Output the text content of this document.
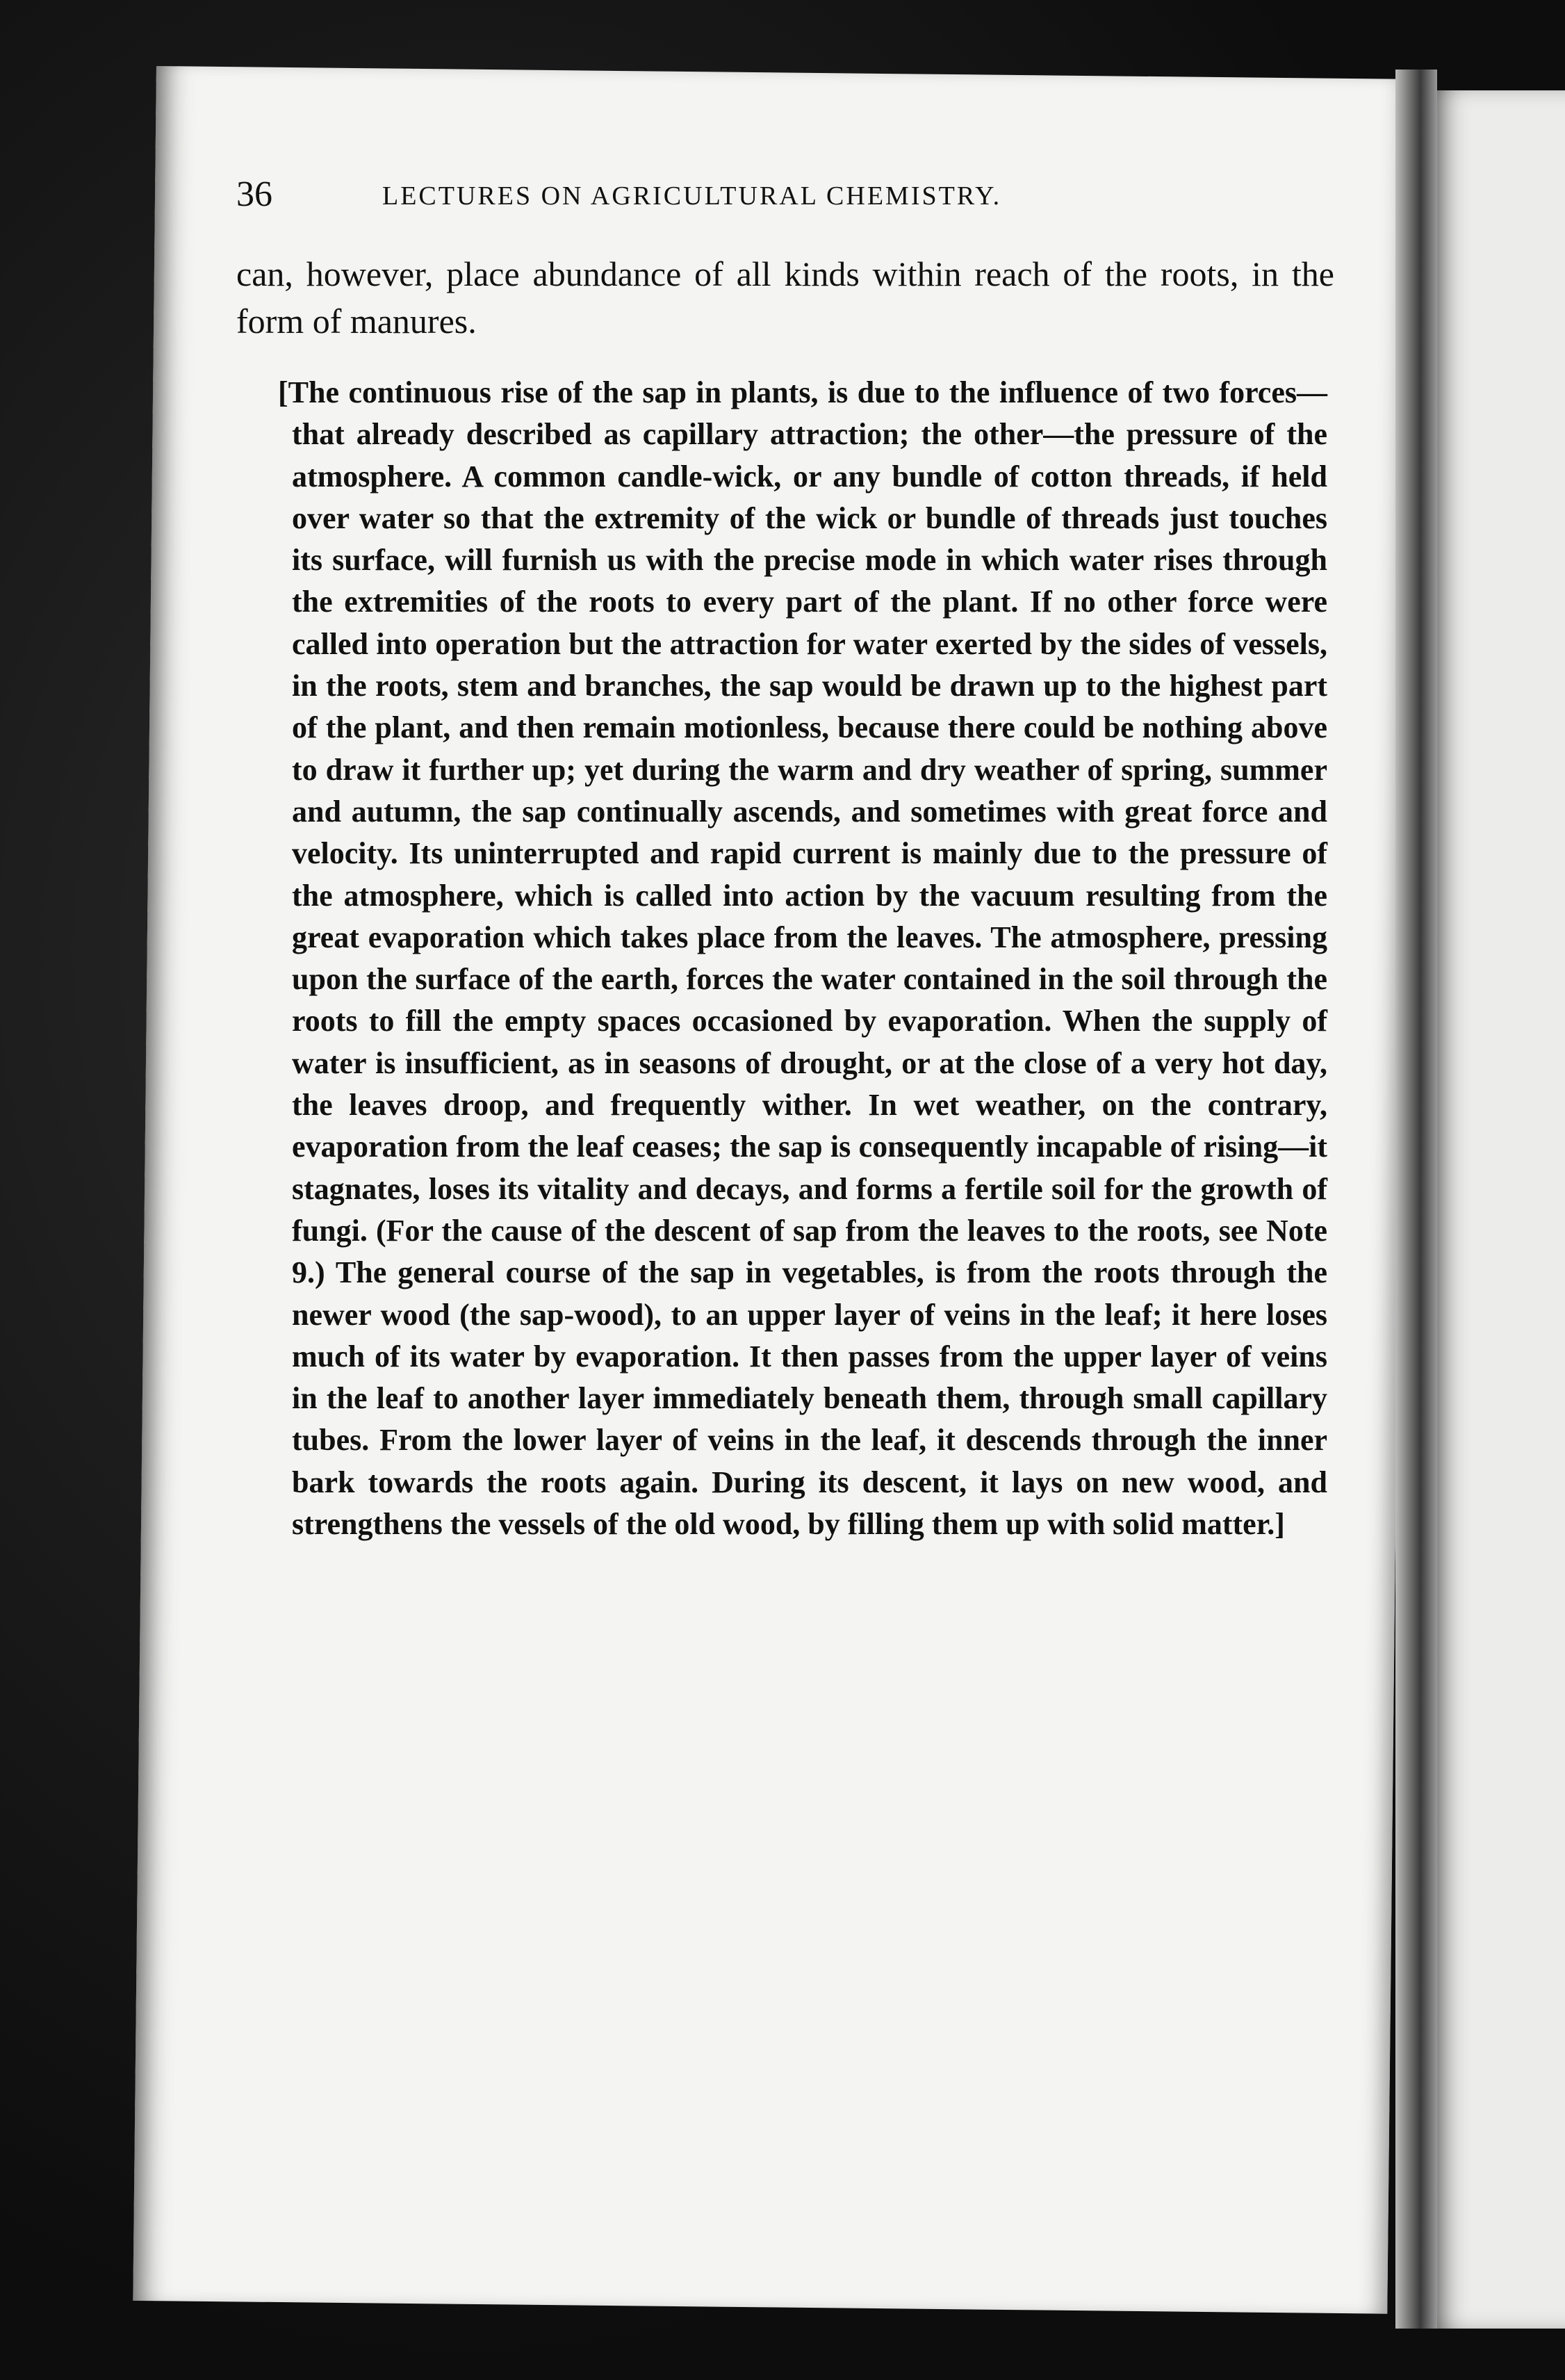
36	LECTURES ON AGRICULTURAL CHEMISTRY.

can, however, place abundance of all kinds within reach of the roots, in the form of manures.

[The continuous rise of the sap in plants, is due to the influence of two forces—that already described as capillary attraction; the other—the pressure of the atmosphere. A common candle-wick, or any bundle of cotton threads, if held over water so that the extremity of the wick or bundle of threads just touches its surface, will furnish us with the precise mode in which water rises through the extremities of the roots to every part of the plant. If no other force were called into operation but the attraction for water exerted by the sides of vessels, in the roots, stem and branches, the sap would be drawn up to the highest part of the plant, and then remain motionless, because there could be nothing above to draw it further up; yet during the warm and dry weather of spring, summer and autumn, the sap continually ascends, and sometimes with great force and velocity. Its uninterrupted and rapid current is mainly due to the pressure of the atmosphere, which is called into action by the vacuum resulting from the great evaporation which takes place from the leaves. The atmosphere, pressing upon the surface of the earth, forces the water contained in the soil through the roots to fill the empty spaces occasioned by evaporation. When the supply of water is insufficient, as in seasons of drought, or at the close of a very hot day, the leaves droop, and frequently wither. In wet weather, on the contrary, evaporation from the leaf ceases; the sap is consequently incapable of rising—it stagnates, loses its vitality and decays, and forms a fertile soil for the growth of fungi. (For the cause of the descent of sap from the leaves to the roots, see Note 9.) The general course of the sap in vegetables, is from the roots through the newer wood (the sap-wood), to an upper layer of veins in the leaf; it here loses much of its water by evaporation. It then passes from the upper layer of veins in the leaf to another layer immediately beneath them, through small capillary tubes. From the lower layer of veins in the leaf, it descends through the inner bark towards the roots again. During its descent, it lays on new wood, and strengthens the vessels of the old wood, by filling them up with solid matter.]
